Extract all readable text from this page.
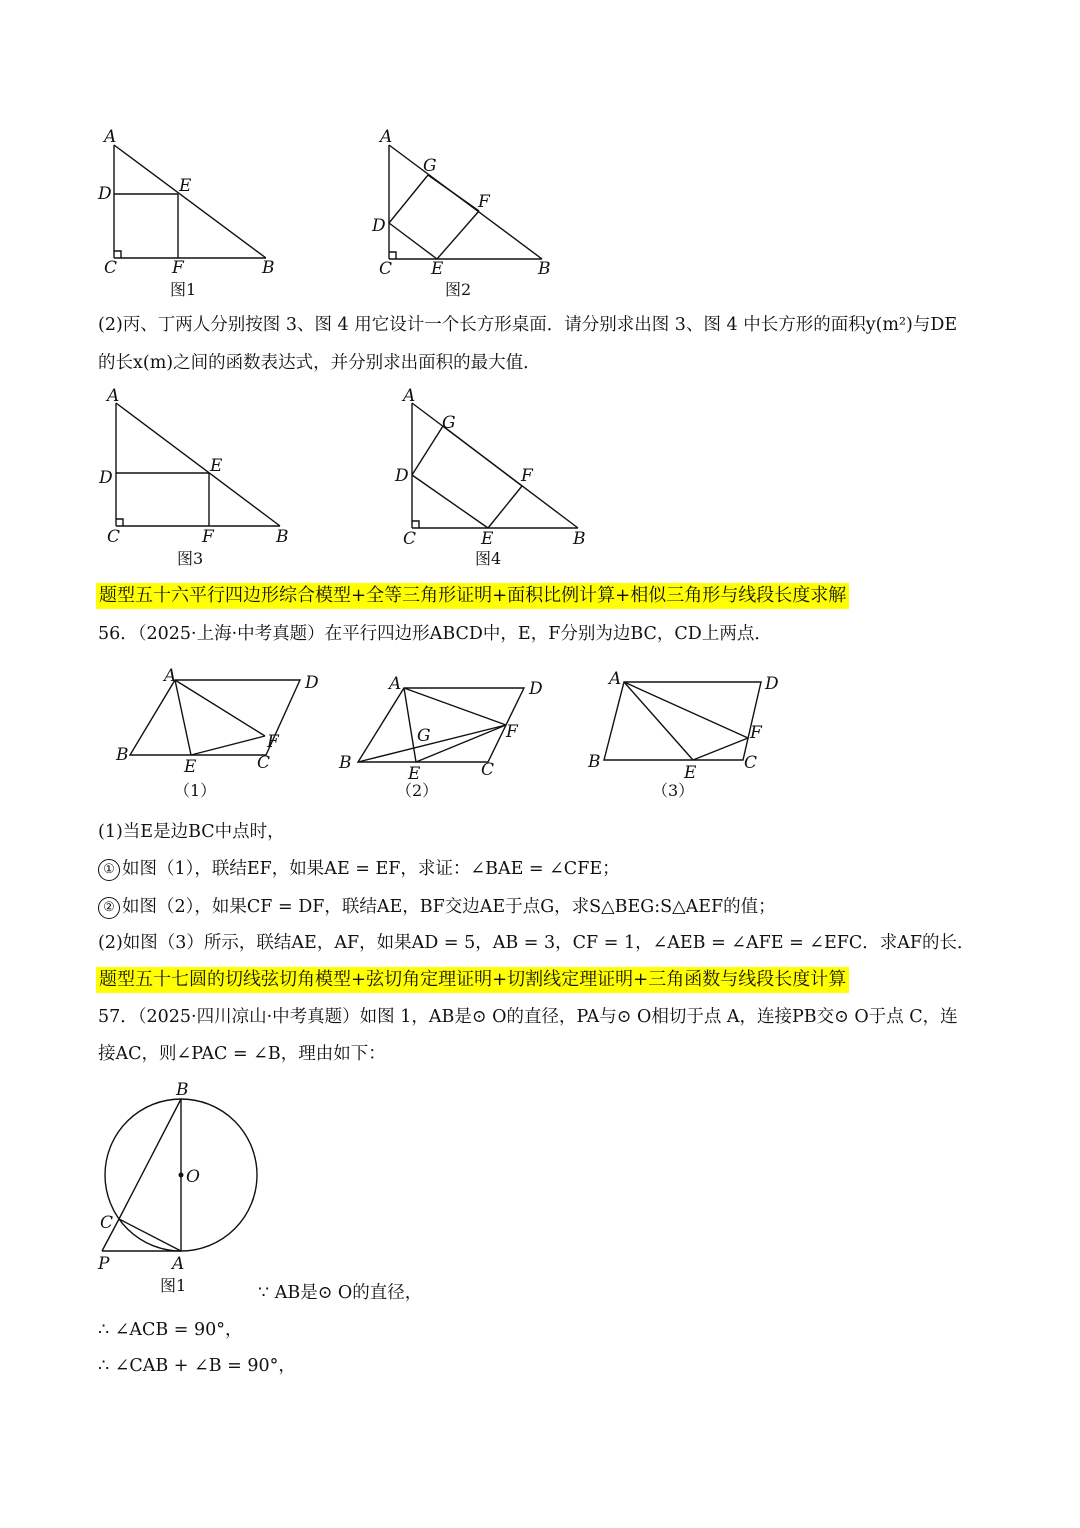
A
D	E
C	F	B
图1
A
G
F
D
C E	B
图2
(2)丙、丁两人分别按图 3、图 4 用它设计一个长方形桌面．请分别求出图 3、图 4 中长方形的面积y(m²)与DE
的长x(m)之间的函数表达式，并分别求出面积的最大值．
A
D
E
C	F	B
图3
A
G
D	F
C	E	B
图4
题型五十六平行四边形综合模型+全等三角形证明+面积比例计算+相似三角形与线段长度求解
56．（2025·上海·中考真题）在平行四边形ABCD中，E，F分别为边BC，CD上两点．
A	D
B
E
F
C
（1）
A	D
G	F
B
E	C
（2）
A	D
F
B
E	C
（3）
(1)当E是边BC中点时，
① 如图（1），联结EF，如果AE = EF，求证：∠BAE = ∠CFE；
② 如图（2），如果CF = DF，联结AE，BF交边AE于点G，求S△BEG:S△AEF的值；
(2)如图（3）所示，联结AE，AF，如果AD = 5，AB = 3，CF = 1，∠AEB = ∠AFE = ∠EFC．求AF的长．
题型五十七圆的切线弦切角模型+弦切角定理证明+切割线定理证明+三角函数与线段长度计算
57．（2025·四川凉山·中考真题）如图 1，AB是⊙ O的直径，PA与⊙ O相切于点 A，连接PB交⊙ O于点 C，连
接AC，则∠PAC = ∠B，理由如下：
B
O
C
P	A
图1	∵ AB是⊙ O的直径，
∴ ∠ACB = 90°，
∴ ∠CAB + ∠B = 90°，
